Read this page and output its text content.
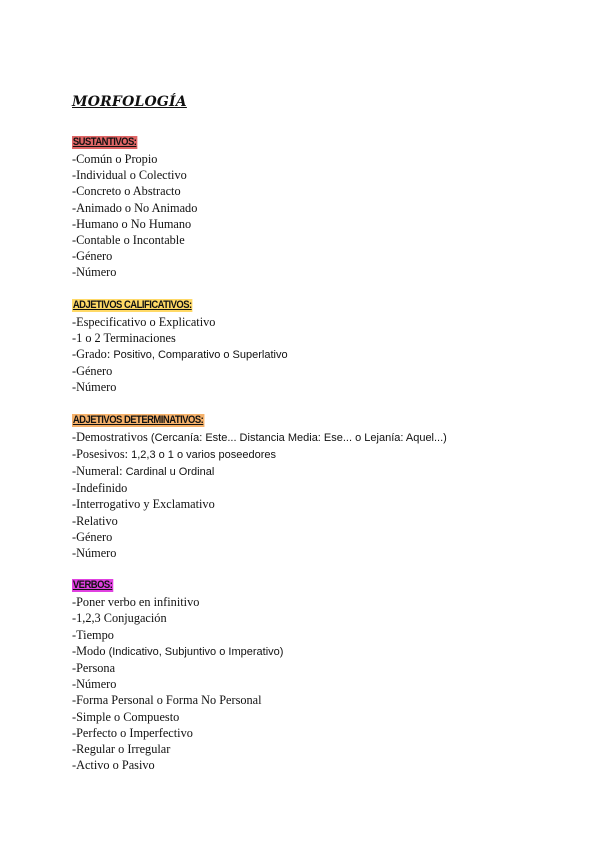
MORFOLOGÍA
SUSTANTIVOS:
-Común o Propio
-Individual o Colectivo
-Concreto o Abstracto
-Animado o No Animado
-Humano o No Humano
-Contable o Incontable
-Género
-Número
ADJETIVOS CALIFICATIVOS:
-Especificativo o Explicativo
-1 o 2 Terminaciones
-Grado: Positivo, Comparativo o Superlativo
-Género
-Número
ADJETIVOS DETERMINATIVOS:
-Demostrativos (Cercanía: Este... Distancia Media: Ese... o Lejanía: Aquel...)
-Posesivos: 1,2,3 o 1 o varios poseedores
-Numeral: Cardinal u Ordinal
-Indefinido
-Interrogativo y Exclamativo
-Relativo
-Género
-Número
VERBOS:
-Poner verbo en infinitivo
-1,2,3 Conjugación
-Tiempo
-Modo (Indicativo, Subjuntivo o Imperativo)
-Persona
-Número
-Forma Personal o Forma No Personal
-Simple o Compuesto
-Perfecto o Imperfectivo
-Regular o Irregular
-Activo o Pasivo
